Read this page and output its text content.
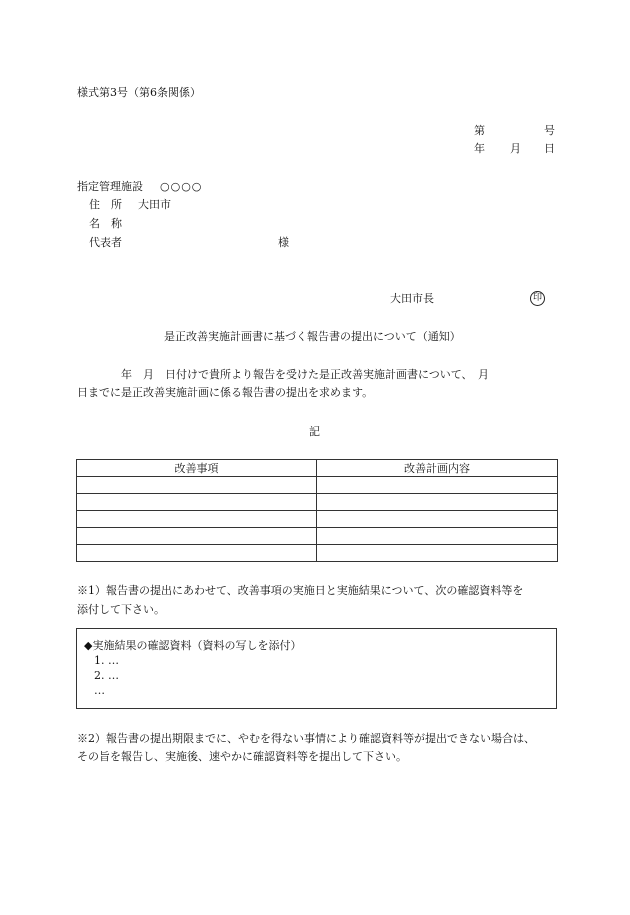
様式第3号（第6条関係）
第	号
年 月 日
指定管理施設 ○○○○
住　所 大田市
名　称
代表者	様
大田市長	印
是正改善実施計画書に基づく報告書の提出について（通知）
　　　　年　月　日付けで貴所より報告を受けた是正改善実施計画書について、　月
日までに是正改善実施計画に係る報告書の提出を求めます。
記
改善事項	改善計画内容

※1）報告書の提出にあわせて、改善事項の実施日と実施結果について、次の確認資料等を
添付して下さい。
◆実施結果の確認資料（資料の写しを添付）
1. …
2. …
…
※2）報告書の提出期限までに、やむを得ない事情により確認資料等が提出できない場合は、
その旨を報告し、実施後、速やかに確認資料等を提出して下さい。
